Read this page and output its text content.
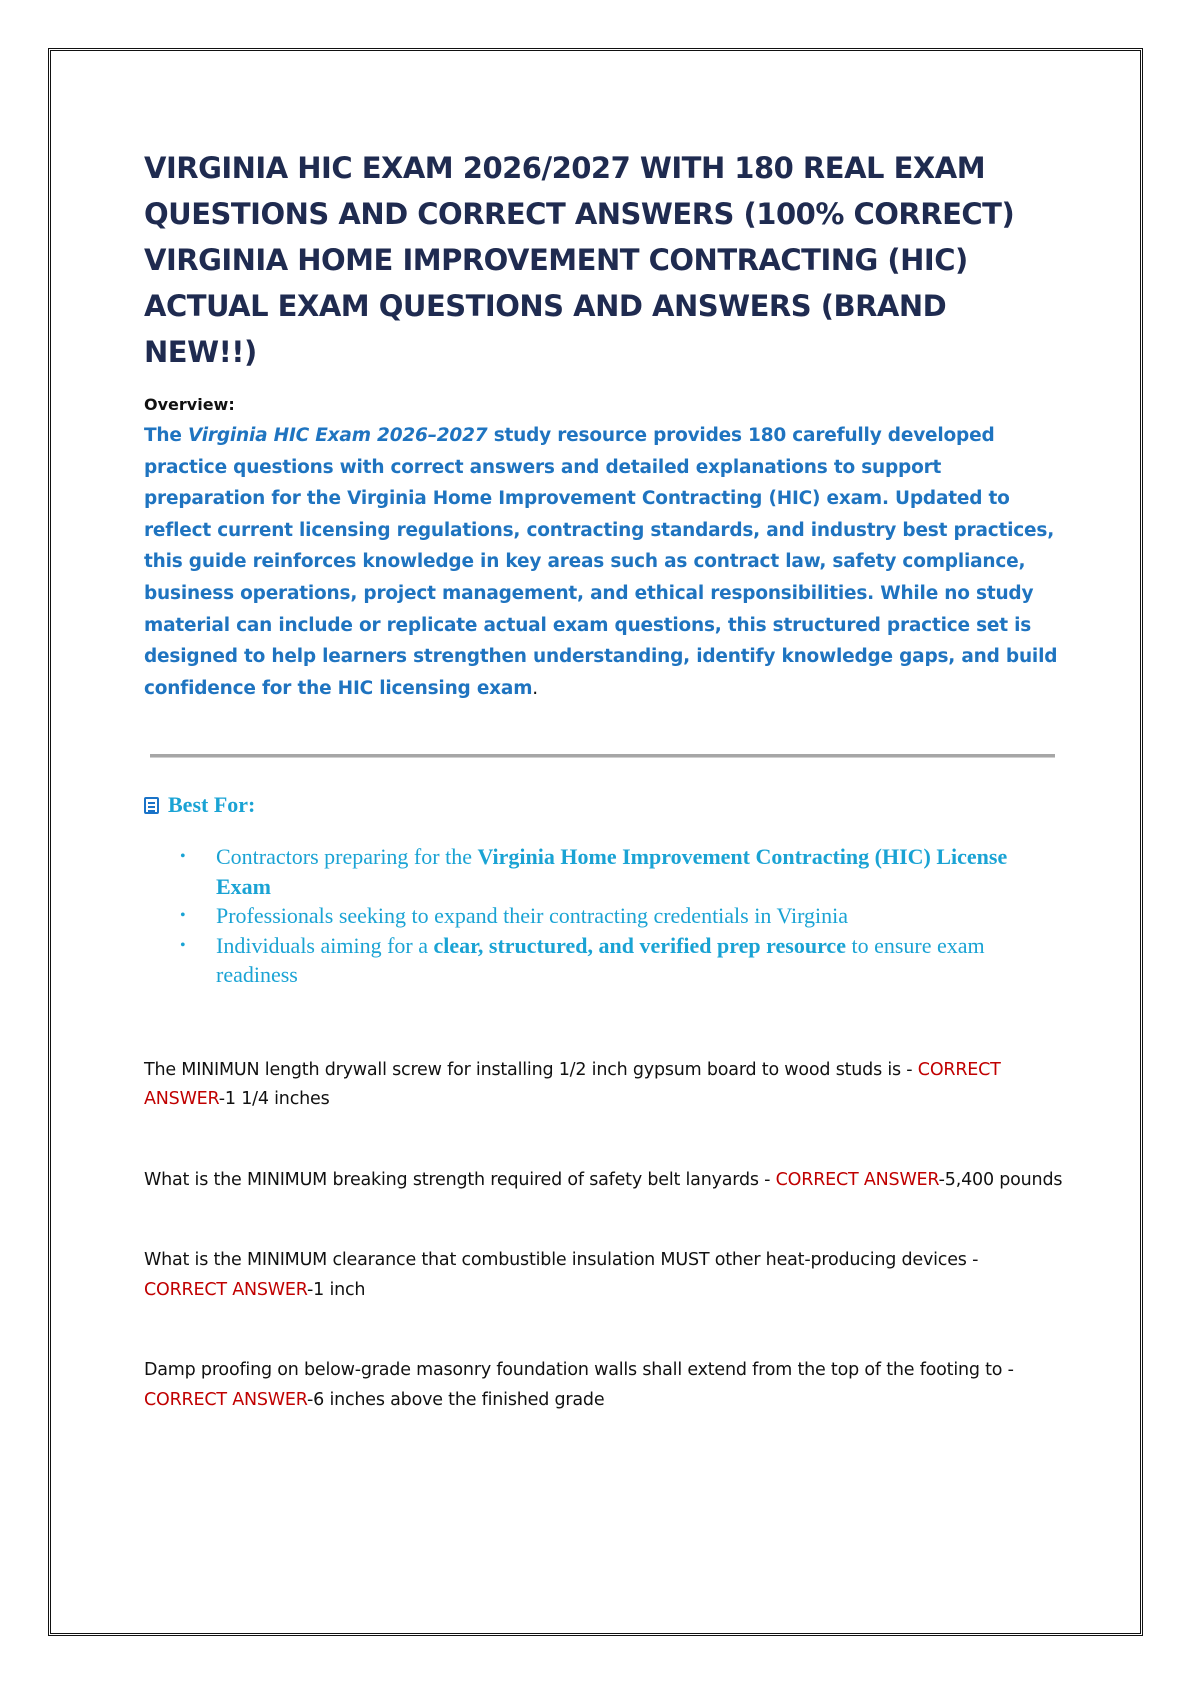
VIRGINIA HIC EXAM 2026/2027 WITH 180 REAL EXAM QUESTIONS AND CORRECT ANSWERS (100% CORRECT) VIRGINIA HOME IMPROVEMENT CONTRACTING (HIC) ACTUAL EXAM QUESTIONS AND ANSWERS (BRAND NEW!!)
Overview:

The Virginia HIC Exam 2026–2027 study resource provides 180 carefully developed practice questions with correct answers and detailed explanations to support preparation for the Virginia Home Improvement Contracting (HIC) exam. Updated to reflect current licensing regulations, contracting standards, and industry best practices, this guide reinforces knowledge in key areas such as contract law, safety compliance, business operations, project management, and ethical responsibilities. While no study material can include or replicate actual exam questions, this structured practice set is designed to help learners strengthen understanding, identify knowledge gaps, and build confidence for the HIC licensing exam.

Best For:
• Contractors preparing for the Virginia Home Improvement Contracting (HIC) License Exam
• Professionals seeking to expand their contracting credentials in Virginia
• Individuals aiming for a clear, structured, and verified prep resource to ensure exam readiness

The MINIMUN length drywall screw for installing 1/2 inch gypsum board to wood studs is - CORRECT ANSWER-1 1/4 inches

What is the MINIMUM breaking strength required of safety belt lanyards - CORRECT ANSWER-5,400 pounds

What is the MINIMUM clearance that combustible insulation MUST other heat-producing devices - CORRECT ANSWER-1 inch

Damp proofing on below-grade masonry foundation walls shall extend from the top of the footing to - CORRECT ANSWER-6 inches above the finished grade
